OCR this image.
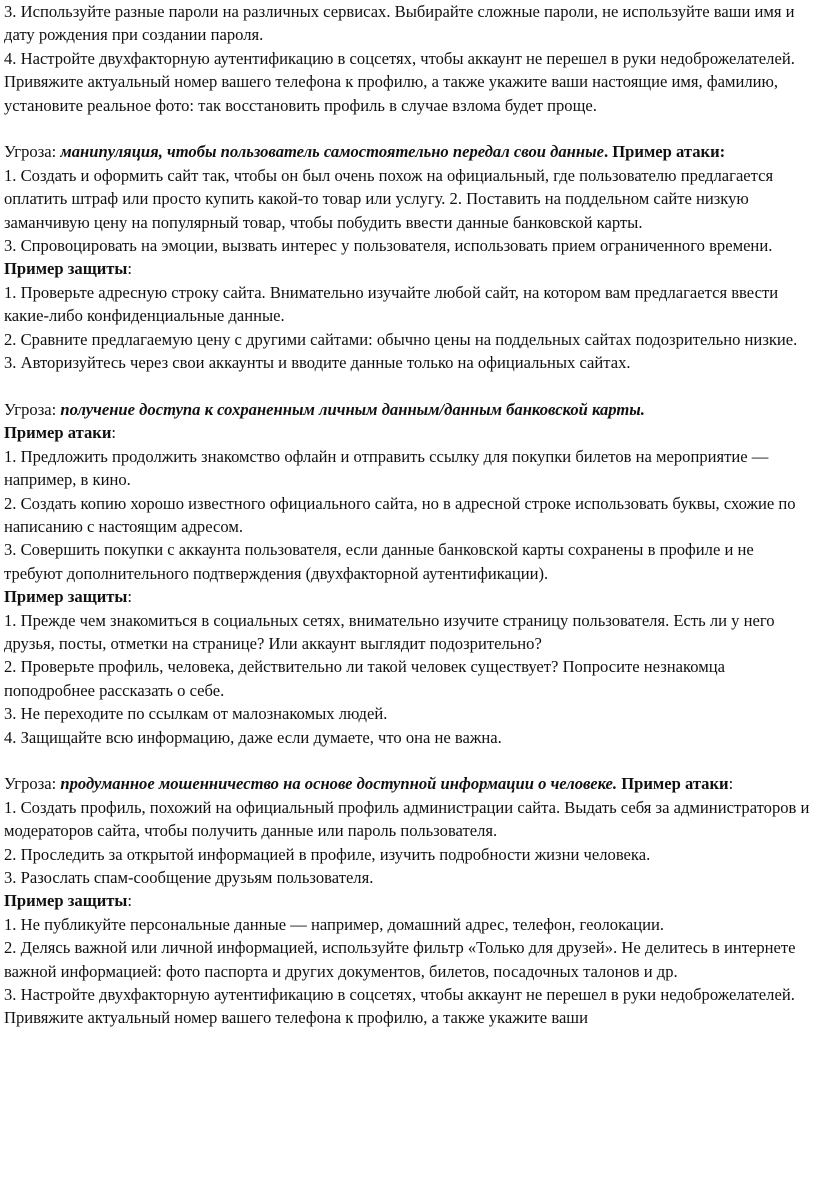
3. Используйте разные пароли на различных сервисах. Выбирайте сложные пароли, не используйте ваши имя и дату рождения при создании пароля.

4. Настройте двухфакторную аутентификацию в соцсетях, чтобы аккаунт не перешел в руки недоброжелателей. Привяжите актуальный номер вашего телефона к профилю, а также укажите ваши настоящие имя, фамилию, установите реальное фото: так восстановить профиль в случае взлома будет проще.

Угроза: манипуляция, чтобы пользователь самостоятельно передал свои данные. Пример атаки:

1. Создать и оформить сайт так, чтобы он был очень похож на официальный, где пользователю предлагается оплатить штраф или просто купить какой-то товар или услугу. 2. Поставить на поддельном сайте низкую заманчивую цену на популярный товар, чтобы побудить ввести данные банковской карты.

3. Спровоцировать на эмоции, вызвать интерес у пользователя, использовать прием ограниченного времени.

Пример защиты:

1. Проверьте адресную строку сайта. Внимательно изучайте любой сайт, на котором вам предлагается ввести какие-либо конфиденциальные данные.

2. Сравните предлагаемую цену с другими сайтами: обычно цены на поддельных сайтах подозрительно низкие.

3. Авторизуйтесь через свои аккаунты и вводите данные только на официальных сайтах.

Угроза: получение доступа к сохраненным личным данным/данным банковской карты.

Пример атаки:

1. Предложить продолжить знакомство офлайн и отправить ссылку для покупки билетов на мероприятие — например, в кино.

2. Создать копию хорошо известного официального сайта, но в адресной строке использовать буквы, схожие по написанию с настоящим адресом.

3. Совершить покупки с аккаунта пользователя, если данные банковской карты сохранены в профиле и не требуют дополнительного подтверждения (двухфакторной аутентификации).

Пример защиты:

1. Прежде чем знакомиться в социальных сетях, внимательно изучите страницу пользователя. Есть ли у него друзья, посты, отметки на странице? Или аккаунт выглядит подозрительно?

2. Проверьте профиль, человека, действительно ли такой человек существует? Попросите незнакомца поподробнее рассказать о себе.

3. Не переходите по ссылкам от малознакомых людей.

4. Защищайте всю информацию, даже если думаете, что она не важна.

Угроза: продуманное мошенничество на основе доступной информации о человеке. Пример атаки:

1. Создать профиль, похожий на официальный профиль администрации сайта. Выдать себя за администраторов и модераторов сайта, чтобы получить данные или пароль пользователя.

2. Проследить за открытой информацией в профиле, изучить подробности жизни человека.

3. Разослать спам-сообщение друзьям пользователя.

Пример защиты:

1. Не публикуйте персональные данные — например, домашний адрес, телефон, геолокации.

2. Делясь важной или личной информацией, используйте фильтр «Только для друзей». Не делитесь в интернете важной информацией: фото паспорта и других документов, билетов, посадочных талонов и др.

3. Настройте двухфакторную аутентификацию в соцсетях, чтобы аккаунт не перешел в руки недоброжелателей. Привяжите актуальный номер вашего телефона к профилю, а также укажите ваши
